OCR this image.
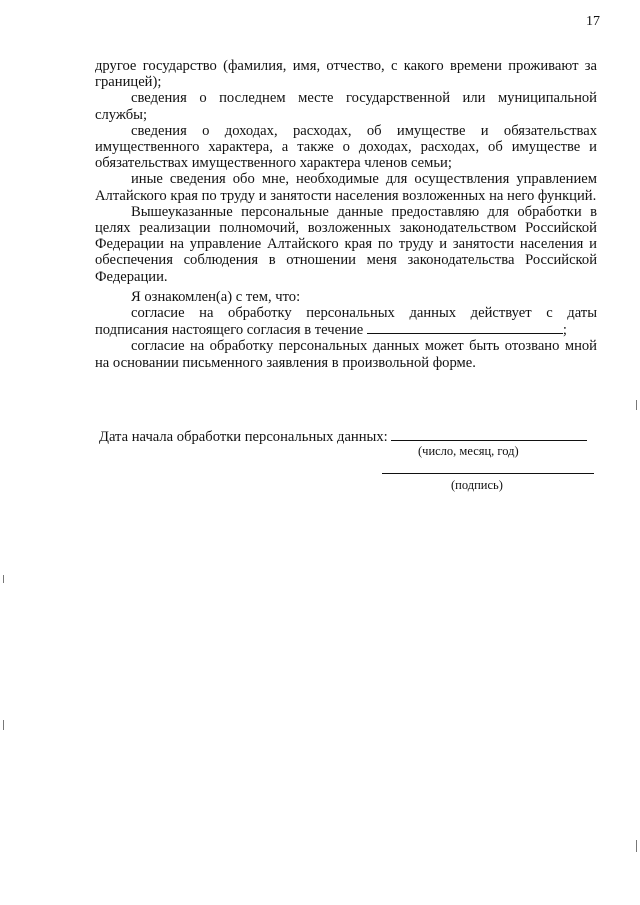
17

другое государство (фамилия, имя, отчество, с какого времени проживают за границей);

сведения о последнем месте государственной или муниципальной службы;

сведения о доходах, расходах, об имуществе и обязательствах имущественного характера, а также о доходах, расходах, об имуществе и обязательствах имущественного характера членов семьи;

иные сведения обо мне, необходимые для осуществления управлением Алтайского края по труду и занятости населения возложенных на него функций.

Вышеуказанные персональные данные предоставляю для обработки в целях реализации полномочий, возложенных законодательством Российской Федерации на управление Алтайского края по труду и занятости населения и обеспечения соблюдения в отношении меня законодательства Российской Федерации.

Я ознакомлен(а) с тем, что:

согласие на обработку персональных данных действует с даты подписания настоящего согласия в течение	;

согласие на обработку персональных данных может быть отозвано мной на основании письменного заявления в произвольной форме.

Дата начала обработки персональных данных:
(число, месяц, год)
(подпись)
